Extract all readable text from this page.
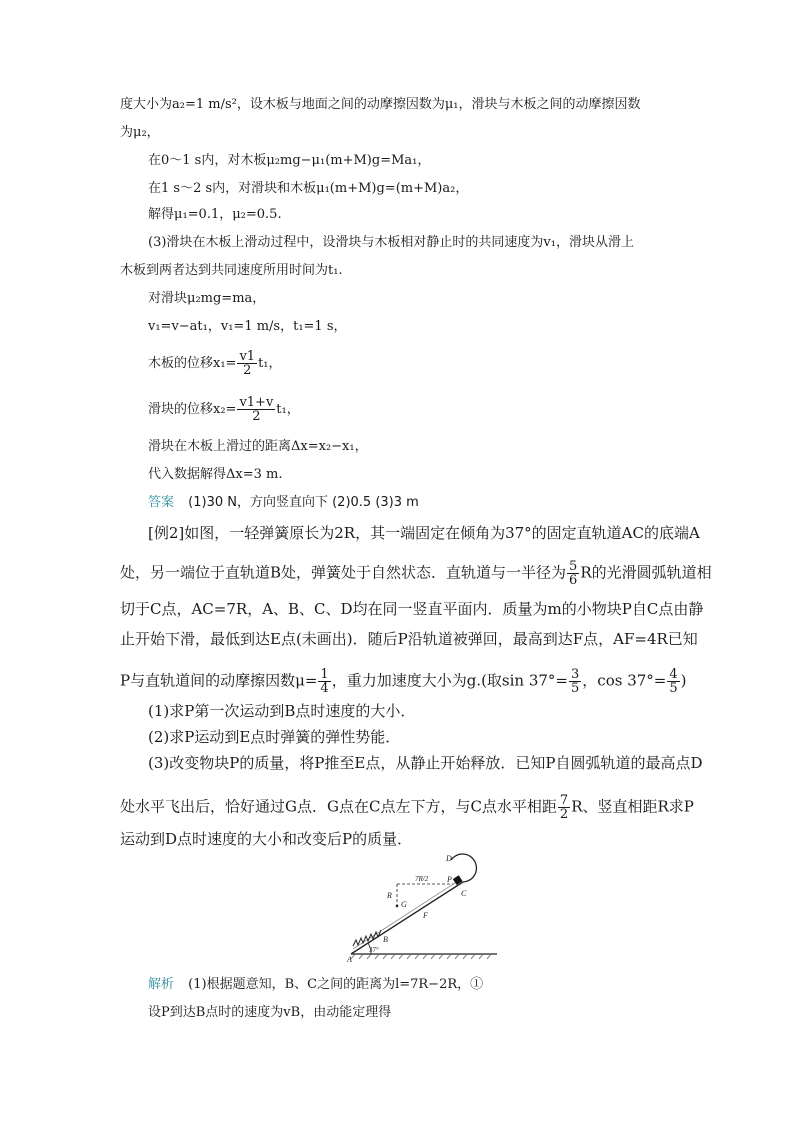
度大小为a₂=1 m/s²，设木板与地面之间的动摩擦因数为μ₁，滑块与木板之间的动摩擦因数
为μ₂，
在0～1 s内，对木板μ₂mg−μ₁(m+M)g=Ma₁，
在1 s～2 s内，对滑块和木板μ₁(m+M)g=(m+M)a₂，
解得μ₁=0.1，μ₂=0.5.
(3)滑块在木板上滑动过程中，设滑块与木板相对静止时的共同速度为v₁，滑块从滑上
木板到两者达到共同速度所用时间为t₁.
对滑块μ₂mg=ma，
v₁=v−at₁，v₁=1 m/s，t₁=1 s，
木板的位移$x_1= \frac{v1}{2} t_1$，
滑块的位移$x_2= \frac{v1+v}{2} t_1$，
滑块在木板上滑过的距离Δx=x₂−x₁，
代入数据解得Δx=3 m.
答案 (1)30 N，方向竖直向下 (2)0.5 (3)3 m
[例2]如图，一轻弹簧原长为2R，其一端固定在倾角为37°的固定直轨道AC的底端A
处，另一端位于直轨道B处，弹簧处于自然状态．直轨道与一半径为 $\frac{5}{6}$ R的光滑圆弧轨道相
切于C点，AC=7R，A、B、C、D均在同一竖直平面内．质量为m的小物块P自C点由静
止开始下滑，最低到达E点(未画出)．随后P沿轨道被弹回，最高到达F点，AF=4R已知
P与直轨道间的动摩擦因数$\mu= \frac{1}{4}$ ，重力加速度大小为g.(取$\sin 37^\circ= \frac{3}{5}$ ，$\cos 37^\circ= \frac{4}{5}$ )
(1)求P第一次运动到B点时速度的大小．
(2)求P运动到E点时弹簧的弹性势能．
(3)改变物块P的质量，将P推至E点，从静止开始释放．已知P自圆弧轨道的最高点D
处水平飞出后，恰好通过G点．G点在C点左下方，与C点水平相距 $\frac{7}{2}$ R、竖直相距R求P
运动到D点时速度的大小和改变后P的质量．
D
P
C
R
G
7R/2
F
B
A
37°
解析 (1)根据题意知，B、C之间的距离为l=7R−2R，①
设P到达B点时的速度为vB，由动能定理得
